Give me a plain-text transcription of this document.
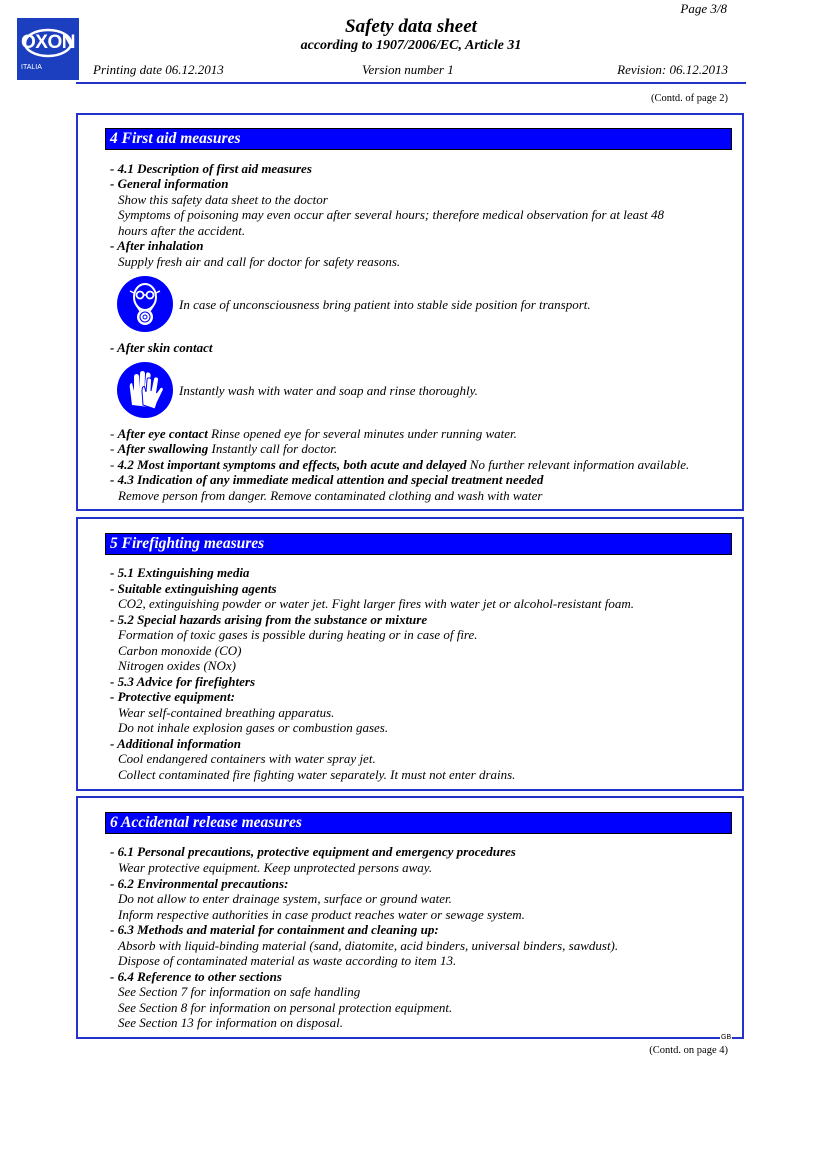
OXON
ITALIA
Page 3/8
Safety data sheet
according to 1907/2006/EC, Article 31
Printing date 06.12.2013	Version number 1	Revision: 06.12.2013
(Contd. of page 2)
4 First aid measures
- 4.1 Description of first aid measures
- General information
Show this safety data sheet to the doctor
Symptoms of poisoning may even occur after several hours; therefore medical observation for at least 48
hours after the accident.
- After inhalation
Supply fresh air and call for doctor for safety reasons.
In case of unconsciousness bring patient into stable side position for transport.
- After skin contact
Instantly wash with water and soap and rinse thoroughly.
- After eye contact Rinse opened eye for several minutes under running water.
- After swallowing Instantly call for doctor.
- 4.2 Most important symptoms and effects, both acute and delayed No further relevant information available.
- 4.3 Indication of any immediate medical attention and special treatment needed
Remove person from danger. Remove contaminated clothing and wash with water
5 Firefighting measures
- 5.1 Extinguishing media
- Suitable extinguishing agents
CO2, extinguishing powder or water jet. Fight larger fires with water jet or alcohol-resistant foam.
- 5.2 Special hazards arising from the substance or mixture
Formation of toxic gases is possible during heating or in case of fire.
Carbon monoxide (CO)
Nitrogen oxides (NOx)
- 5.3 Advice for firefighters
- Protective equipment:
Wear self-contained breathing apparatus.
Do not inhale explosion gases or combustion gases.
- Additional information
Cool endangered containers with water spray jet.
Collect contaminated fire fighting water separately. It must not enter drains.
6 Accidental release measures
- 6.1 Personal precautions, protective equipment and emergency procedures
Wear protective equipment. Keep unprotected persons away.
- 6.2 Environmental precautions:
Do not allow to enter drainage system, surface or ground water.
Inform respective authorities in case product reaches water or sewage system.
- 6.3 Methods and material for containment and cleaning up:
Absorb with liquid-binding material (sand, diatomite, acid binders, universal binders, sawdust).
Dispose of contaminated material as waste according to item 13.
- 6.4 Reference to other sections
See Section 7 for information on safe handling
See Section 8 for information on personal protection equipment.
See Section 13 for information on disposal.
GB
(Contd. on page 4)
